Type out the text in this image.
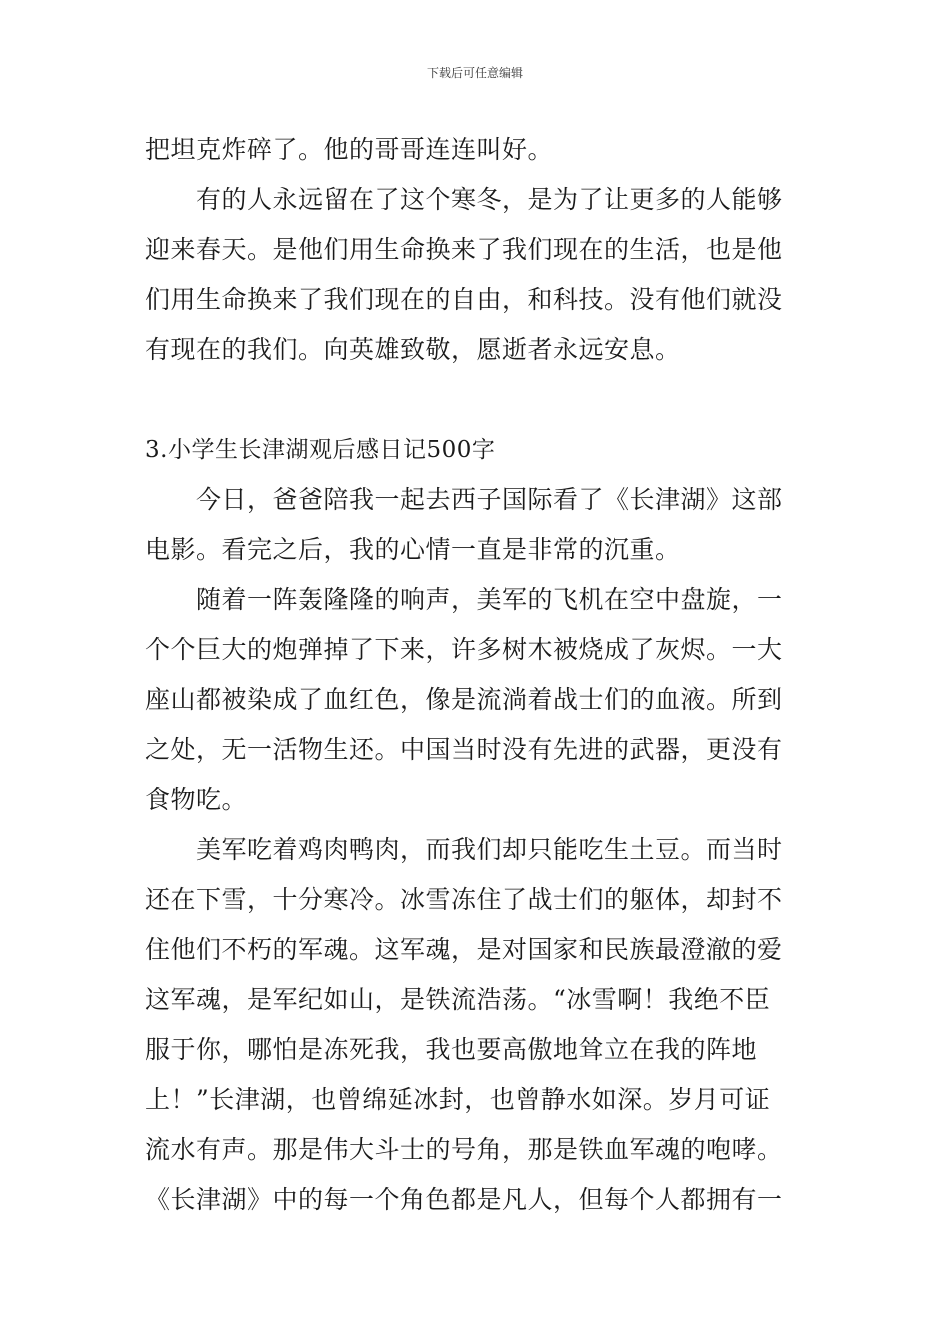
下载后可任意编辑
把坦克炸碎了。他的哥哥连连叫好。
　　有的人永远留在了这个寒冬，是为了让更多的人能够
迎来春天。是他们用生命换来了我们现在的生活，也是他
们用生命换来了我们现在的自由，和科技。没有他们就没
有现在的我们。向英雄致敬，愿逝者永远安息。
3.小学生长津湖观后感日记500字
　　今日，爸爸陪我一起去西子国际看了《长津湖》这部
电影。看完之后，我的心情一直是非常的沉重。
　　随着一阵轰隆隆的响声，美军的飞机在空中盘旋，一
个个巨大的炮弹掉了下来，许多树木被烧成了灰烬。一大
座山都被染成了血红色，像是流淌着战士们的血液。所到
之处，无一活物生还。中国当时没有先进的武器，更没有
食物吃。
　　美军吃着鸡肉鸭肉，而我们却只能吃生土豆。而当时
还在下雪，十分寒冷。冰雪冻住了战士们的躯体，却封不
住他们不朽的军魂。这军魂，是对国家和民族最澄澈的爱
这军魂，是军纪如山，是铁流浩荡。“冰雪啊！我绝不臣
服于你，哪怕是冻死我，我也要高傲地耸立在我的阵地
上！”长津湖，也曾绵延冰封，也曾静水如深。岁月可证
流水有声。那是伟大斗士的号角，那是铁血军魂的咆哮。
《长津湖》中的每一个角色都是凡人，但每个人都拥有一
